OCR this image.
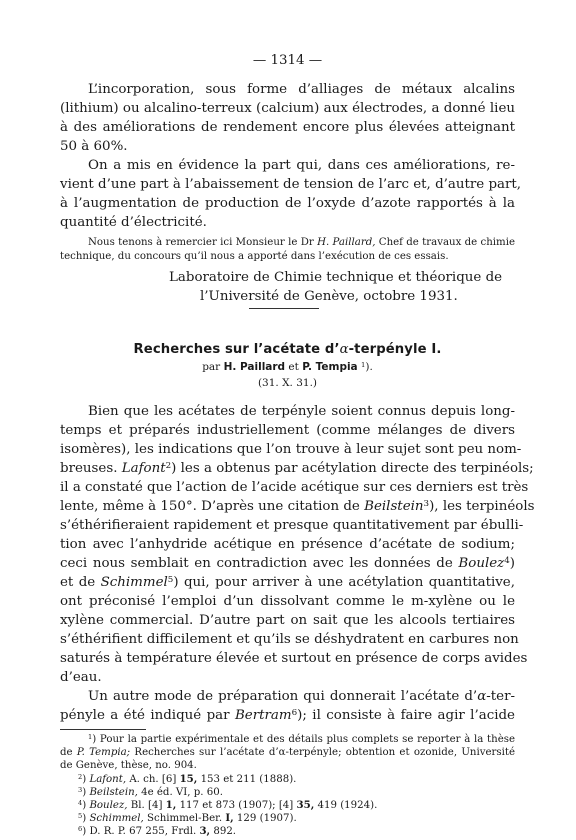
— 1314 —
L’incorporation, sous forme d’alliages de métaux alcalins
(lithium) ou alcalino-terreux (calcium) aux électrodes, a donné lieu
à des améliorations de rendement encore plus élevées atteignant
50 à 60%.
On a mis en évidence la part qui, dans ces améliorations, re-
vient d’une part à l’abaissement de tension de l’arc et, d’autre part,
à l’augmentation de production de l’oxyde d’azote rapportés à la
quantité d’électricité.
Nous tenons à remercier ici Monsieur le Dr H. Paillard, Chef de travaux de chimie
technique, du concours qu’il nous a apporté dans l’exécution de ces essais.
Laboratoire de Chimie technique et théorique de
l’Université de Genève, octobre 1931.
Recherches sur l’acétate d’α-terpényle I.
par H. Paillard et P. Tempia $^1$).
(31. X. 31.)
Bien que les acétates de terpényle soient connus depuis long-
temps et préparés industriellement (comme mélanges de divers
isomères), les indications que l’on trouve à leur sujet sont peu nom-
breuses. Lafont$^2$) les a obtenus par acétylation directe des terpinéols;
il a constaté que l’action de l’acide acétique sur ces derniers est très
lente, même à 150°. D’après une citation de Beilstein$^3$), les terpinéols
s’éthérifieraient rapidement et presque quantitativement par ébulli-
tion avec l’anhydride acétique en présence d’acétate de sodium;
ceci nous semblait en contradiction avec les données de Boulez$^4$)
et de Schimmel$^5$) qui, pour arriver à une acétylation quantitative,
ont préconisé l’emploi d’un dissolvant comme le m-xylène ou le
xylène commercial. D’autre part on sait que les alcools tertiaires
s’éthérifient difficilement et qu’ils se déshydratent en carbures non
saturés à température élevée et surtout en présence de corps avides
d’eau.
Un autre mode de préparation qui donnerait l’acétate d’α-ter-
pényle a été indiqué par Bertram$^6$); il consiste à faire agir l’acide
$^1$) Pour la partie expérimentale et des détails plus complets se reporter à la thèse
de P. Tempia; Recherches sur l’acétate d’α-terpényle; obtention et ozonide, Université
de Genève, thèse, no. 904.
$^2$) Lafont, A. ch. [6] 15, 153 et 211 (1888).
$^3$) Beilstein, 4e éd. VI, p. 60.
$^4$) Boulez, Bl. [4] 1, 117 et 873 (1907); [4] 35, 419 (1924).
$^5$) Schimmel, Schimmel-Ber. I, 129 (1907).
$^6$) D. R. P. 67 255, Frdl. 3, 892.
